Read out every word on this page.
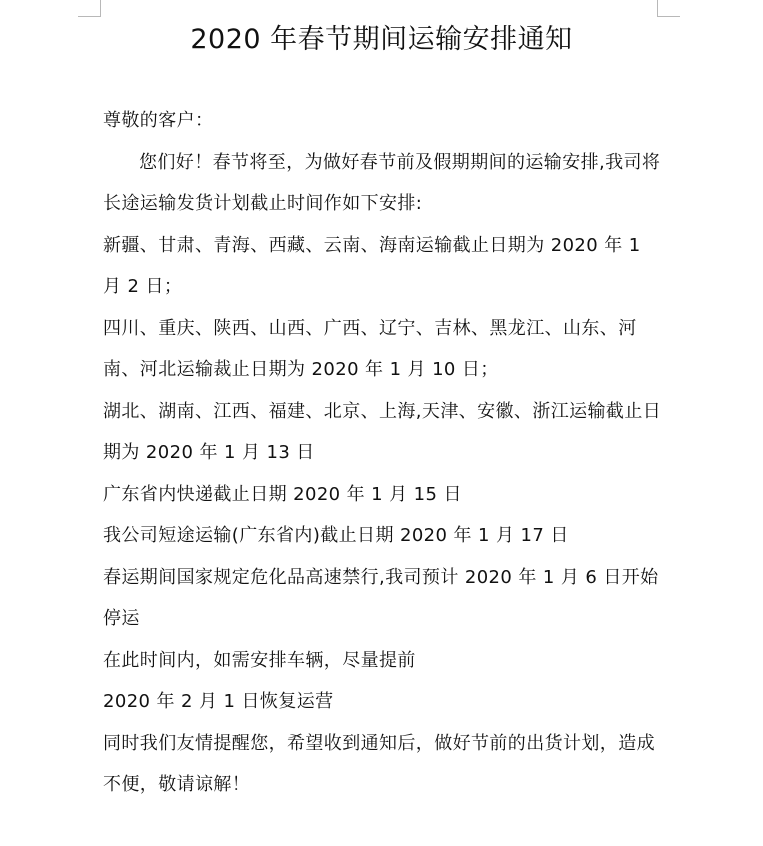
2020 年春节期间运输安排通知

尊敬的客户：

您们好！春节将至，为做好春节前及假期期间的运输安排,我司将长途运输发货计划截止时间作如下安排:

新疆、甘肃、青海、西藏、云南、海南运输截止日期为 2020 年 1 月 2 日；

四川、重庆、陕西、山西、广西、辽宁、吉林、黑龙江、山东、河南、河北运输裁止日期为 2020 年 1 月 10 日；

湖北、湖南、江西、福建、北京、上海,天津、安徽、浙江运输截止日期为 2020 年 1 月 13 日

广东省内快递截止日期 2020 年 1 月 15 日

我公司短途运输(广东省内)截止日期 2020 年 1 月 17 日

春运期间国家规定危化品高速禁行,我司预计 2020 年 1 月 6 日开始停运

在此时间内，如需安排车辆，尽量提前

2020 年 2 月 1 日恢复运营

同时我们友情提醒您，希望收到通知后，做好节前的出货计划，造成不便，敬请谅解！
